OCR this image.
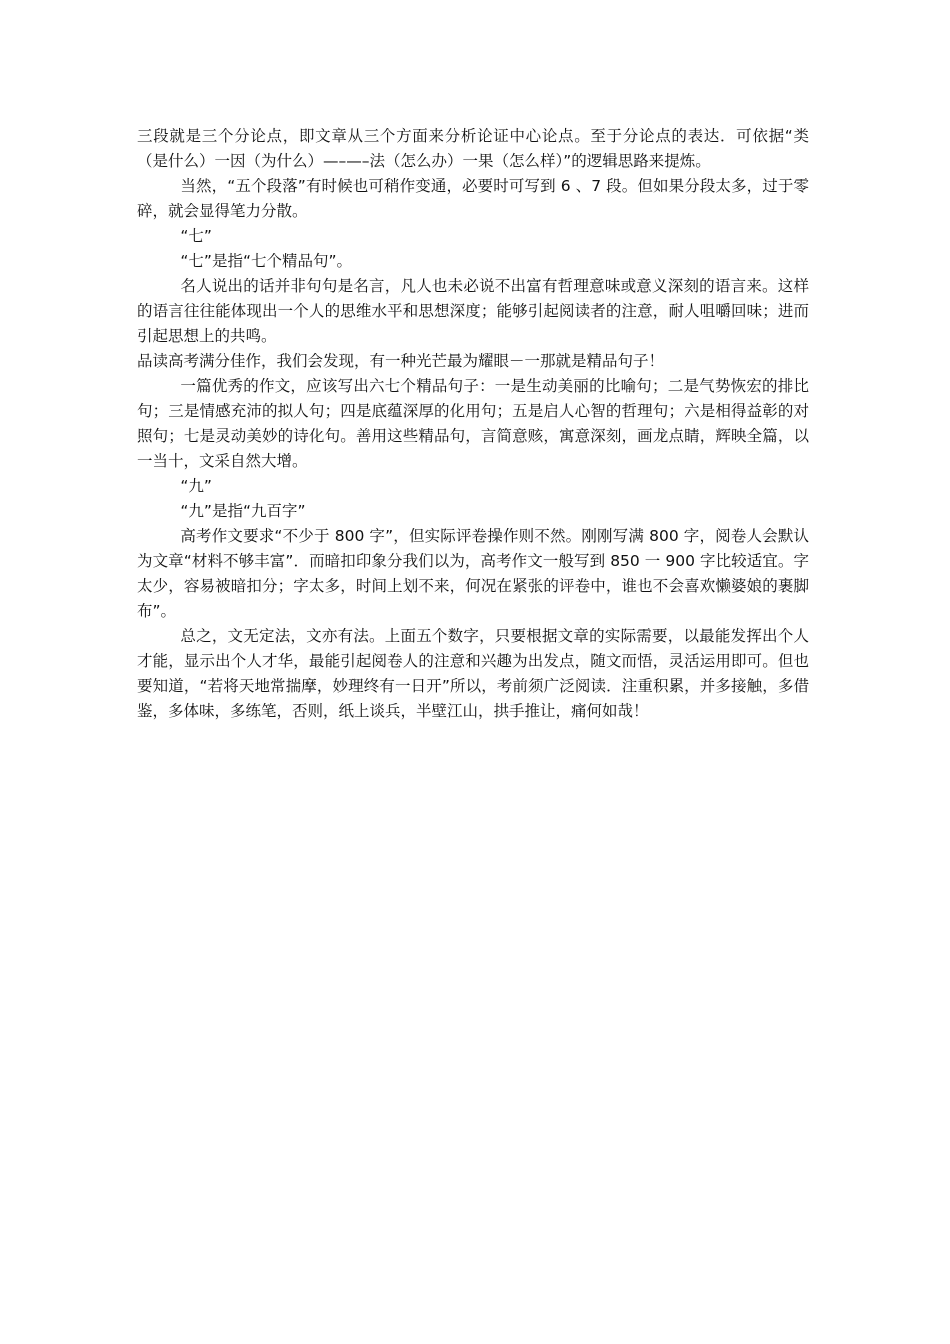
三段就是三个分论点，即文章从三个方面来分析论证中心论点。至于分论点的表达．可依据“类（是什么）一因（为什么）—–—–法（怎么办）一果（怎么样）”的逻辑思路来提炼。

当然，“五个段落”有时候也可稍作变通，必要时可写到 6 、7 段。但如果分段太多，过于零碎，就会显得笔力分散。

“七”

“七”是指“七个精品句”。

名人说出的话并非句句是名言，凡人也未必说不出富有哲理意味或意义深刻的语言来。这样的语言往往能体现出一个人的思维水平和思想深度；能够引起阅读者的注意，耐人咀嚼回味；进而引起思想上的共鸣。

品读高考满分佳作，我们会发现，有一种光芒最为耀眼－一那就是精品句子！

一篇优秀的作文，应该写出六七个精品句子：一是生动美丽的比喻句；二是气势恢宏的排比句；三是情感充沛的拟人句；四是底蕴深厚的化用句；五是启人心智的哲理句；六是相得益彰的对照句；七是灵动美妙的诗化句。善用这些精品句，言简意赅，寓意深刻，画龙点睛，辉映全篇，以一当十，文采自然大增。

“九”

“九”是指“九百字”

高考作文要求“不少于 800 字”，但实际评卷操作则不然。刚刚写满 800 字，阅卷人会默认为文章“材料不够丰富”．而暗扣印象分我们以为，高考作文一般写到 850 一 900 字比较适宜。字太少，容易被暗扣分；字太多，时间上划不来，何况在紧张的评卷中，谁也不会喜欢懒婆娘的裹脚布”。

总之，文无定法，文亦有法。上面五个数字，只要根据文章的实际需要，以最能发挥出个人才能，显示出个人才华，最能引起阅卷人的注意和兴趣为出发点，随文而悟，灵活运用即可。但也要知道，“若将天地常揣摩，妙理终有一日开”所以，考前须广泛阅读．注重积累，并多接触，多借鉴，多体味，多练笔，否则，纸上谈兵，半壁江山，拱手推让，痛何如哉！
